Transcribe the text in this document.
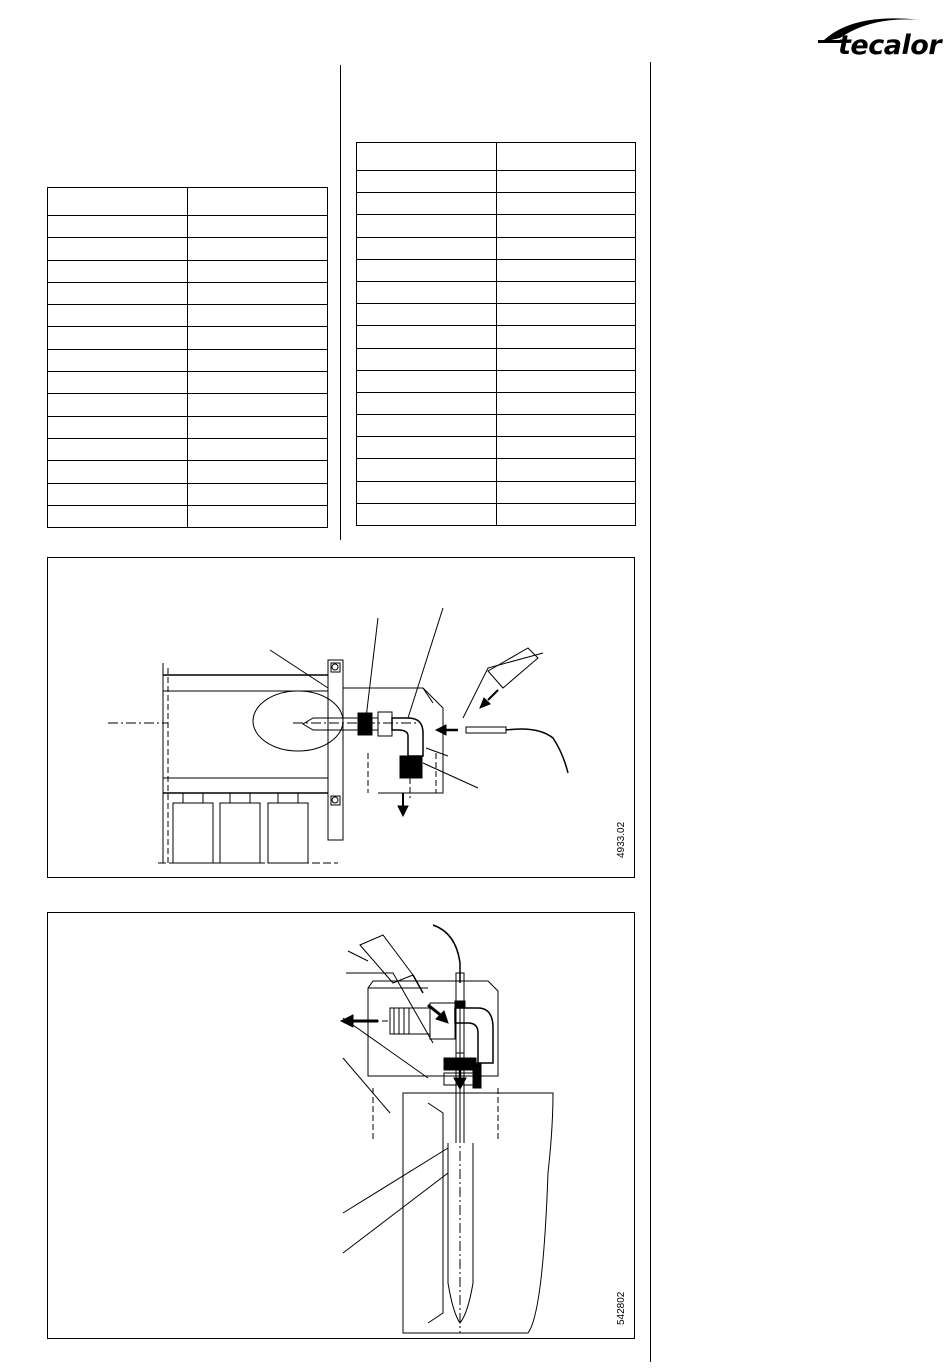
tecalor

4933.02
542802
